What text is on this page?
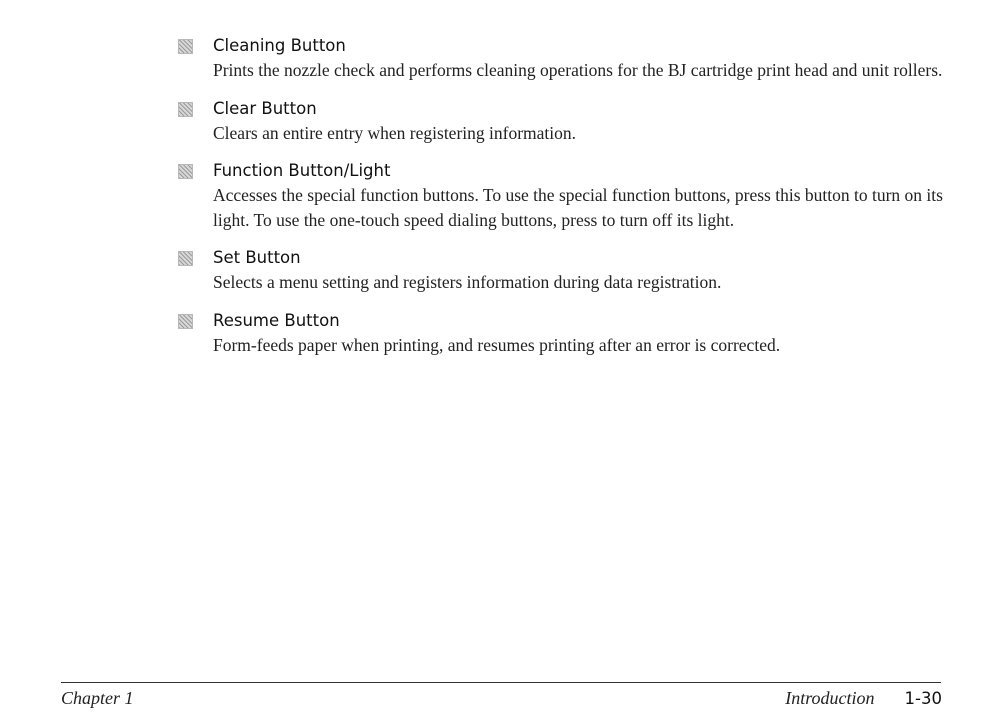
Cleaning Button
Prints the nozzle check and performs cleaning operations for the BJ cartridge print head and unit rollers.
Clear Button
Clears an entire entry when registering information.
Function Button/Light
Accesses the special function buttons. To use the special function buttons, press this button to turn on its light. To use the one-touch speed dialing buttons, press to turn off its light.
Set Button
Selects a menu setting and registers information during data registration.
Resume Button
Form-feeds paper when printing, and resumes printing after an error is corrected.
Chapter 1	Introduction 1-30
